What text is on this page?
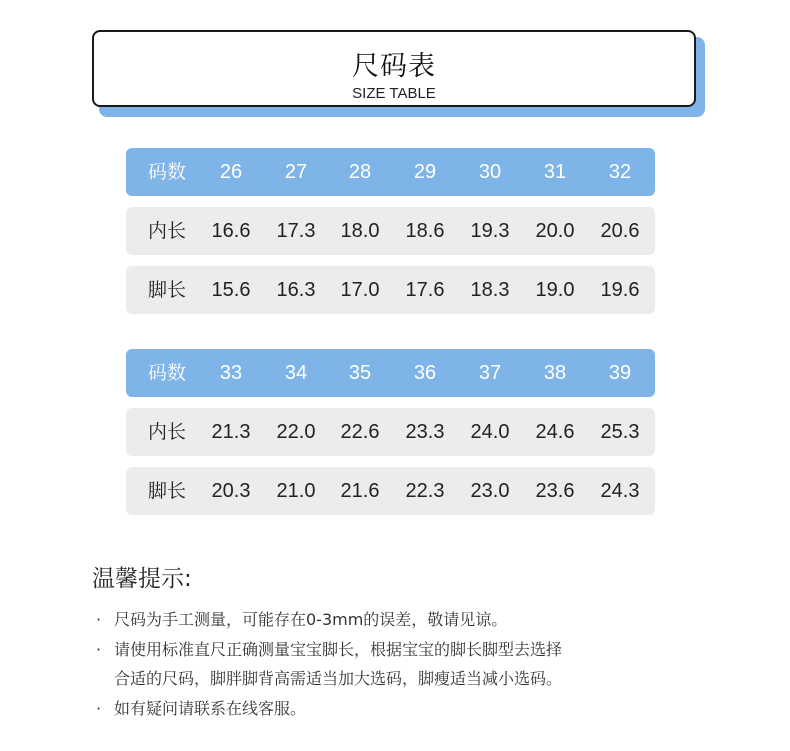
尺码表
SIZE TABLE
码数	26	27	28	29	30	31	32
内长	16.6	17.3	18.0	18.6	19.3	20.0	20.6
脚长	15.6	16.3	17.0	17.6	18.3	19.0	19.6
码数	33	34	35	36	37	38	39
内长	21.3	22.0	22.6	23.3	24.0	24.6	25.3
脚长	20.3	21.0	21.6	22.3	23.0	23.6	24.3
温馨提示:
· 尺码为手工测量，可能存在0-3mm的误差，敬请见谅。
· 请使用标准直尺正确测量宝宝脚长，根据宝宝的脚长脚型去选择
合适的尺码，脚胖脚背高需适当加大选码，脚瘦适当减小选码。
· 如有疑问请联系在线客服。
